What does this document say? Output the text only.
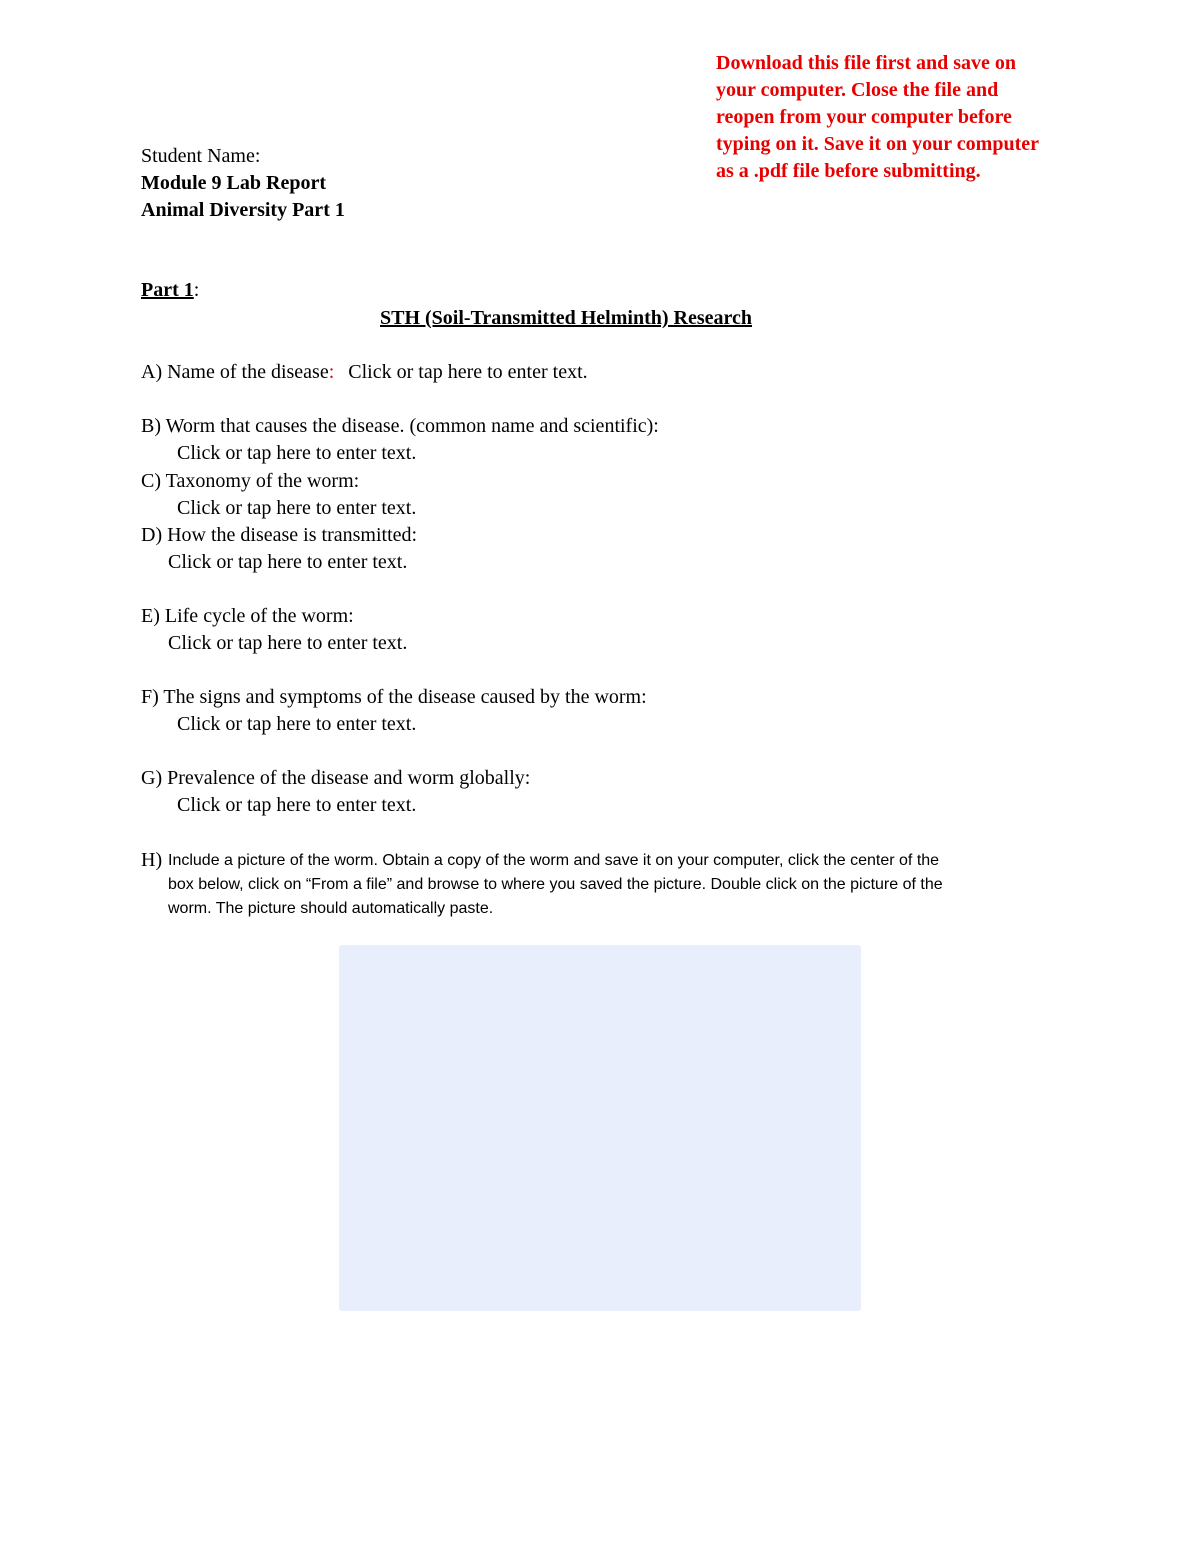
Download this file first and save on
your computer. Close the file and
reopen from your computer before
typing on it. Save it on your computer
as a .pdf file before submitting.
Student Name:
Module 9 Lab Report
Animal Diversity Part 1
Part 1:
STH (Soil-Transmitted Helminth) Research
A) Name of the disease: Click or tap here to enter text.
B) Worm that causes the disease. (common name and scientific):
Click or tap here to enter text.
C) Taxonomy of the worm:
Click or tap here to enter text.
D) How the disease is transmitted:
Click or tap here to enter text.
E) Life cycle of the worm:
Click or tap here to enter text.
F) The signs and symptoms of the disease caused by the worm:
Click or tap here to enter text.
G) Prevalence of the disease and worm globally:
Click or tap here to enter text.
H) Include a picture of the worm. Obtain a copy of the worm and save it on your computer, click the center of the
box below, click on “From a file” and browse to where you saved the picture. Double click on the picture of the
worm. The picture should automatically paste.
